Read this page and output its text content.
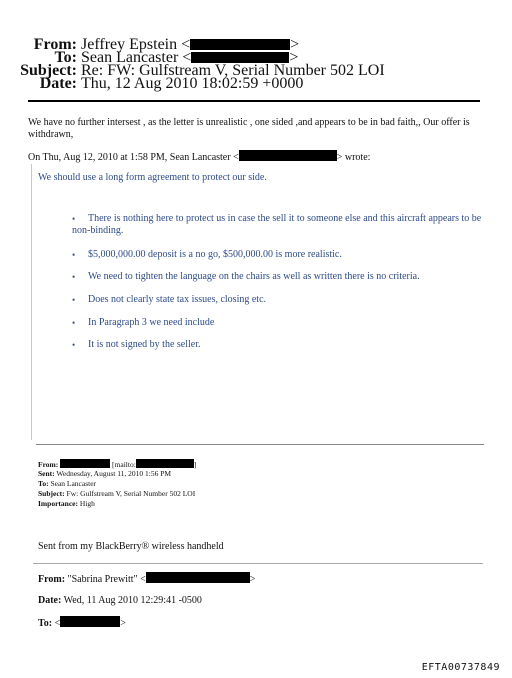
From: Jeffrey Epstein <	>
To: Sean Lancaster <	>
Subject: Re: FW: Gulfstream V, Serial Number 502 LOI
Date: Thu, 12 Aug 2010 18:02:59 +0000
We have no further intersest , as the letter is unrealistic , one sided ,and appears to be in bad faith,, Our offer is
withdrawn,
On Thu, Aug 12, 2010 at 1:58 PM, Sean Lancaster <	> wrote:
We should use a long form agreement to protect our side.
• There is nothing here to protect us in case the sell it to someone else and this aircraft appears to be
non-binding.
• $5,000,000.00 deposit is a no go, $500,000.00 is more realistic.
• We need to tighten the language on the chairs as well as written there is no criteria.
• Does not clearly state tax issues, closing etc.
• In Paragraph 3 we need include
• It is not signed by the seller.
From:	[mailto:	]
Sent: Wednesday, August 11, 2010 1:56 PM
To: Sean Lancaster
Subject: Fw: Gulfstream V, Serial Number 502 LOI
Importance: High
Sent from my BlackBerry® wireless handheld
From: "Sabrina Prewitt" <	>
Date: Wed, 11 Aug 2010 12:29:41 -0500
To: <	>
EFTA00737849
